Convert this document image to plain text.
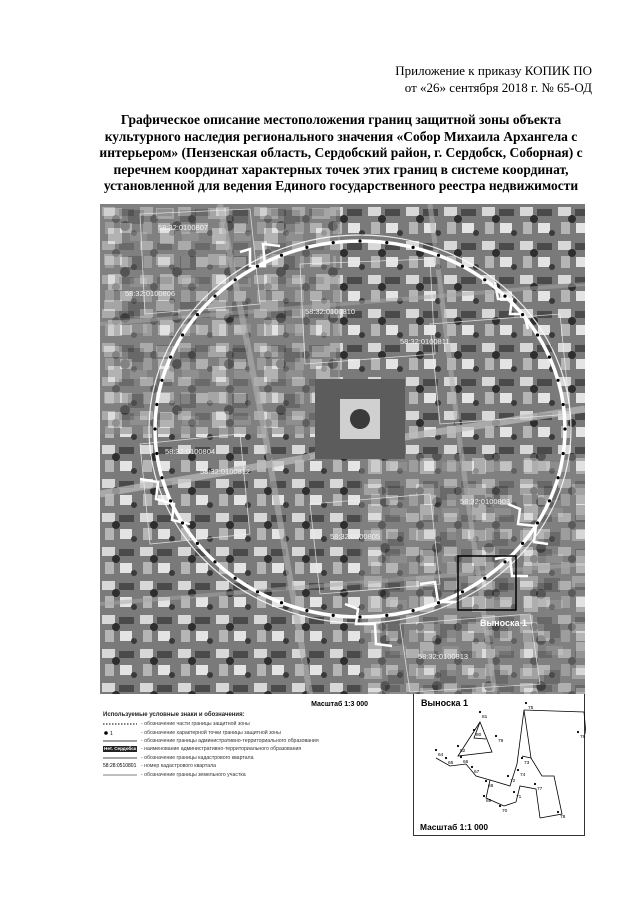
Приложение к приказу КОПИК ПО
от «26» сентября 2018 г. № 65-ОД
Графическое описание местоположения границ защитной зоны объекта
культурного наследия регионального значения «Собор Михаила Архангела с
интерьером» (Пензенская область, Сердобский район, г. Сердобск, Соборная) с
перечнем координат характерных точек этих границ в системе координат,
установленной для ведения Единого государственного реестра недвижимости
58:32:0100807
58:32:0100806
58:32:0100810
58:32:0100811
58:32:0100804
58:32:0100812
58:32:0100805
58:32:0100803
58:32:0100813
Выноска 1
Масштаб 1:3 000
Используемые условные знаки и обозначения:
- обозначение части границы защитной зоны
1	- обозначение характерной точки границы защитной зоны
- обозначение границы административно-территориального образования
Нет. Сердобск - наименование административно-территориального образования
- обозначение границы кадастрового квартала
58:28:0510801 - номер кадастрового квартала
- обозначение границы земельного участка
Выноска 1
64
65 66
67
68
69
70
71
72
73
74
75
76
77
78
79
80
81
82
Масштаб 1:1 000
